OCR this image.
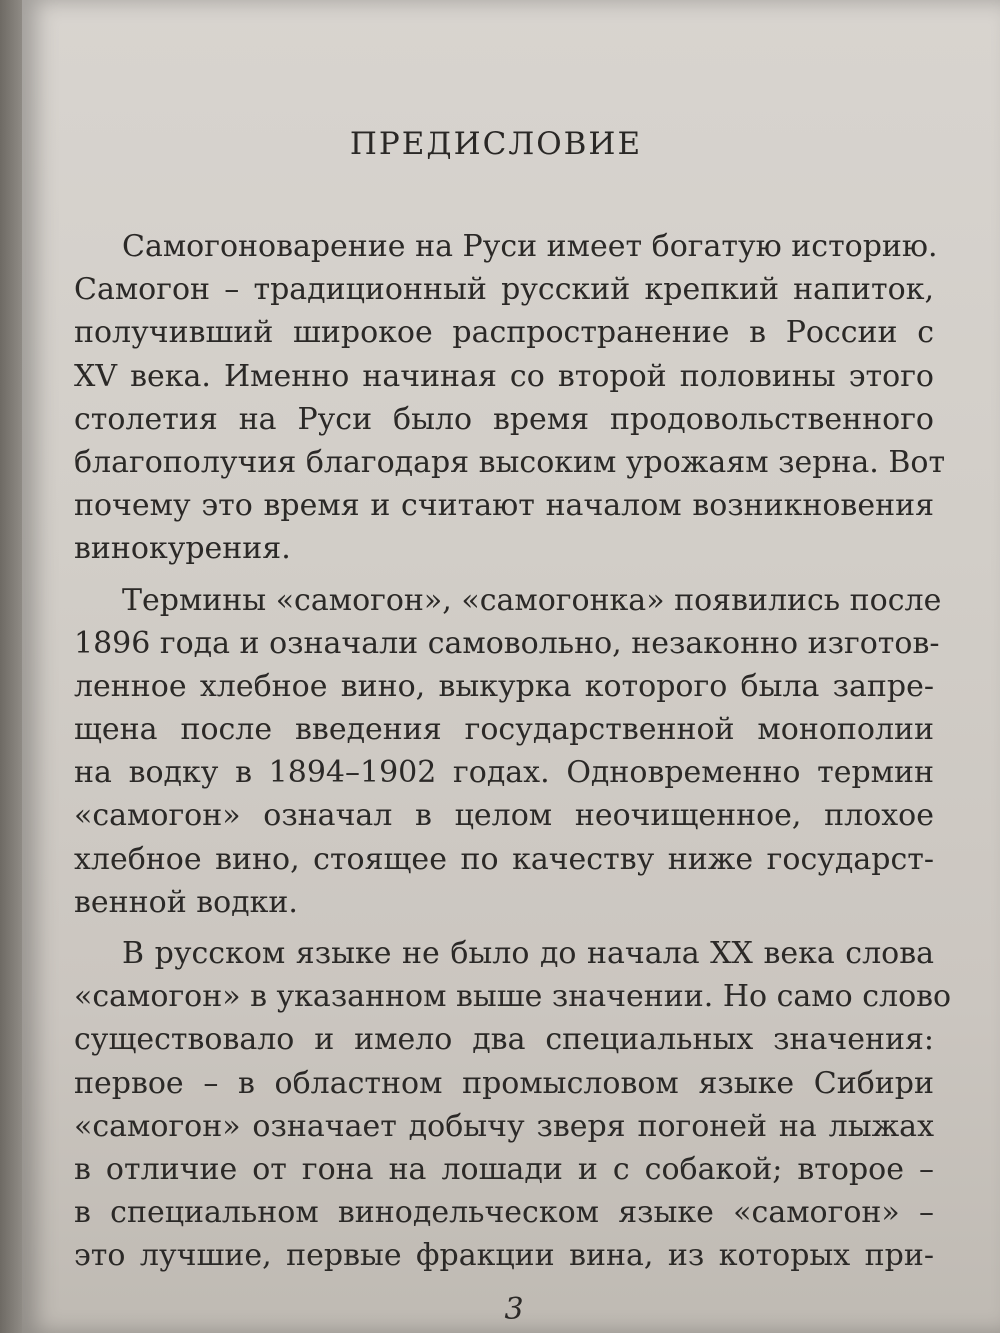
ПРЕДИСЛОВИЕ
Самогоноварение на Руси имеет богатую историю.
Самогон – традиционный русский крепкий напиток,
получивший широкое распространение в России с
XV века. Именно начиная со второй половины этого
столетия на Руси было время продовольственного
благополучия благодаря высоким урожаям зерна. Вот
почему это время и считают началом возникновения
винокурения.
Термины «самогон», «самогонка» появились после
1896 года и означали самовольно, незаконно изготов-
ленное хлебное вино, выкурка которого была запре-
щена после введения государственной монополии
на водку в 1894–1902 годах. Одновременно термин
«самогон» означал в целом неочищенное, плохое
хлебное вино, стоящее по качеству ниже государст-
венной водки.
В русском языке не было до начала XX века слова
«самогон» в указанном выше значении. Но само слово
существовало и имело два специальных значения:
первое – в областном промысловом языке Сибири
«самогон» означает добычу зверя погоней на лыжах
в отличие от гона на лошади и с собакой; второе –
в специальном винодельческом языке «самогон» –
это лучшие, первые фракции вина, из которых при-
3
